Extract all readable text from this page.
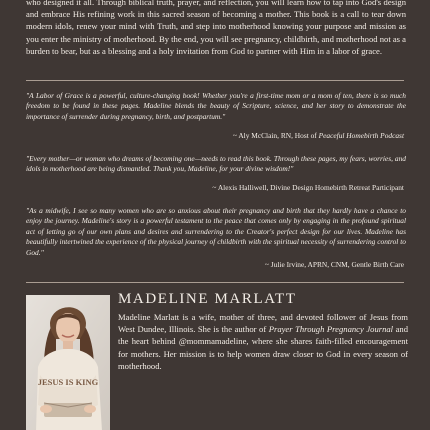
who designed it all. Through biblical truth, prayer, and reflection, you will learn how to tap into God's design and embrace His refining work in this sacred season of becoming a mother. This book is a call to tear down modern idols, renew your mind with Truth, and step into motherhood knowing your purpose and mission as you enter the ministry of motherhood. By the end, you will see pregnancy, childbirth, and motherhood not as a burden to bear, but as a blessing and a holy invitation from God to partner with Him in a labor of grace.

"A Labor of Grace is a powerful, culture-changing book! Whether you're a first-time mom or a mom of ten, there is so much freedom to be found in these pages. Madeline blends the beauty of Scripture, science, and her story to demonstrate the importance of surrender during pregnancy, birth, and postpartum."
~ Aly McClain, RN, Host of Peaceful Homebirth Podcast
"Every mother—or woman who dreams of becoming one—needs to read this book. Through these pages, my fears, worries, and idols in motherhood are being dismantled. Thank you, Madeline, for your divine wisdom!"
~ Alexis Halliwell, Divine Design Homebirth Retreat Participant
"As a midwife, I see so many women who are so anxious about their pregnancy and birth that they hardly have a chance to enjoy the journey. Madeline's story is a powerful testament to the peace that comes only by engaging in the profound spiritual act of letting go of our own plans and desires and surrendering to the Creator's perfect design for our lives. Madeline has beautifully intertwined the experience of the physical journey of childbirth with the spiritual necessity of surrendering control to God."
~ Julie Irvine, APRN, CNM, Gentle Birth Care
JESUS IS KING
MADELINE MARLATT
Madeline Marlatt is a wife, mother of three, and devoted follower of Jesus from West Dundee, Illinois. She is the author of Prayer Through Pregnancy Journal and the heart behind @mommamadeline, where she shares faith-filled encouragement for mothers. Her mission is to help women draw closer to God in every season of motherhood.
